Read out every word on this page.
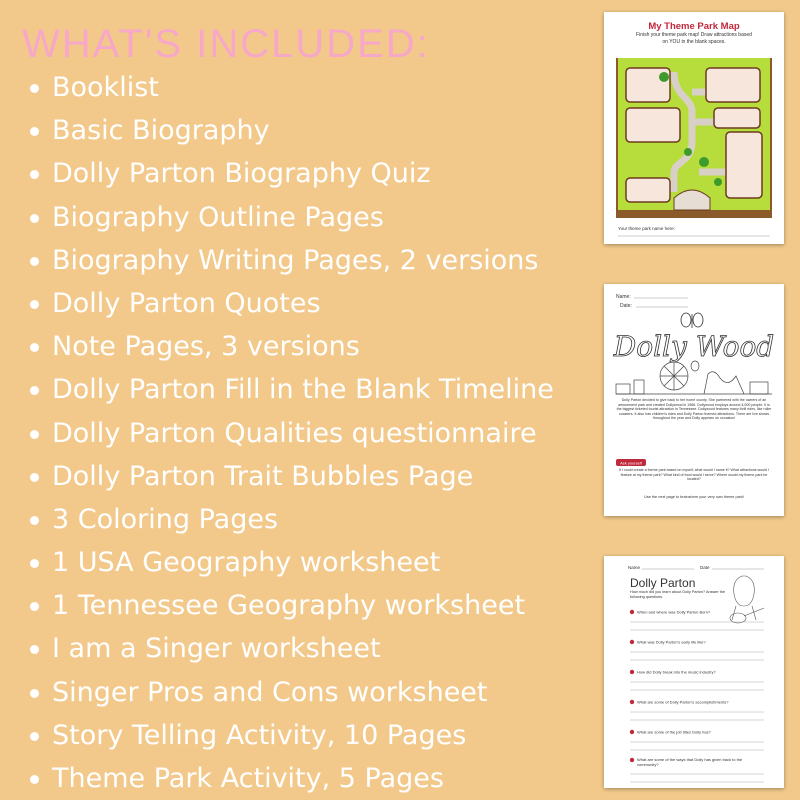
WHAT'S INCLUDED:
Booklist
Basic Biography
Dolly Parton Biography Quiz
Biography Outline Pages
Biography Writing Pages, 2 versions
Dolly Parton Quotes
Note Pages, 3 versions
Dolly Parton Fill in the Blank Timeline
Dolly Parton Qualities questionnaire
Dolly Parton Trait Bubbles Page
3 Coloring Pages
1 USA Geography worksheet
1 Tennessee Geography worksheet
I am a Singer worksheet
Singer Pros and Cons worksheet
Story Telling Activity, 10 Pages
Theme Park Activity, 5 Pages
My Theme Park Map
Finish your theme park map! Draw attractions based on YOU in the blank spaces.
Your theme park name here:
Name:
Date:
Dolly Wood
Dolly Parton decided to give back to her home county. She partnered with the owners of an amusement park and created Dollywood in 1986. Dollywood employs around 4,000 people. It is the biggest ticketed tourist attraction in Tennessee. Dollywood features many thrill rides, like roller coasters. It also has children's rides and Dolly Parton themed attractions. There are live shows throughout the year and Dolly appears on occasion!
Ask yourself
If I could create a theme park based on myself, what would I name it? What attractions would I feature at my theme park? What kind of food would I serve? Where would my theme park be located?
Use the next page to brainstorm your very own theme park!
Name	Date
Dolly Parton
How much did you learn about Dolly Parton? Answer the following questions.
When and where was Dolly Parton Born?
What was Dolly Parton's early life like?
How did Dolly break into the music industry?
What are some of Dolly Parton's accomplishments?
What are some of the job titles Dolly has?
What are some of the ways that Dolly has given back to the community?
